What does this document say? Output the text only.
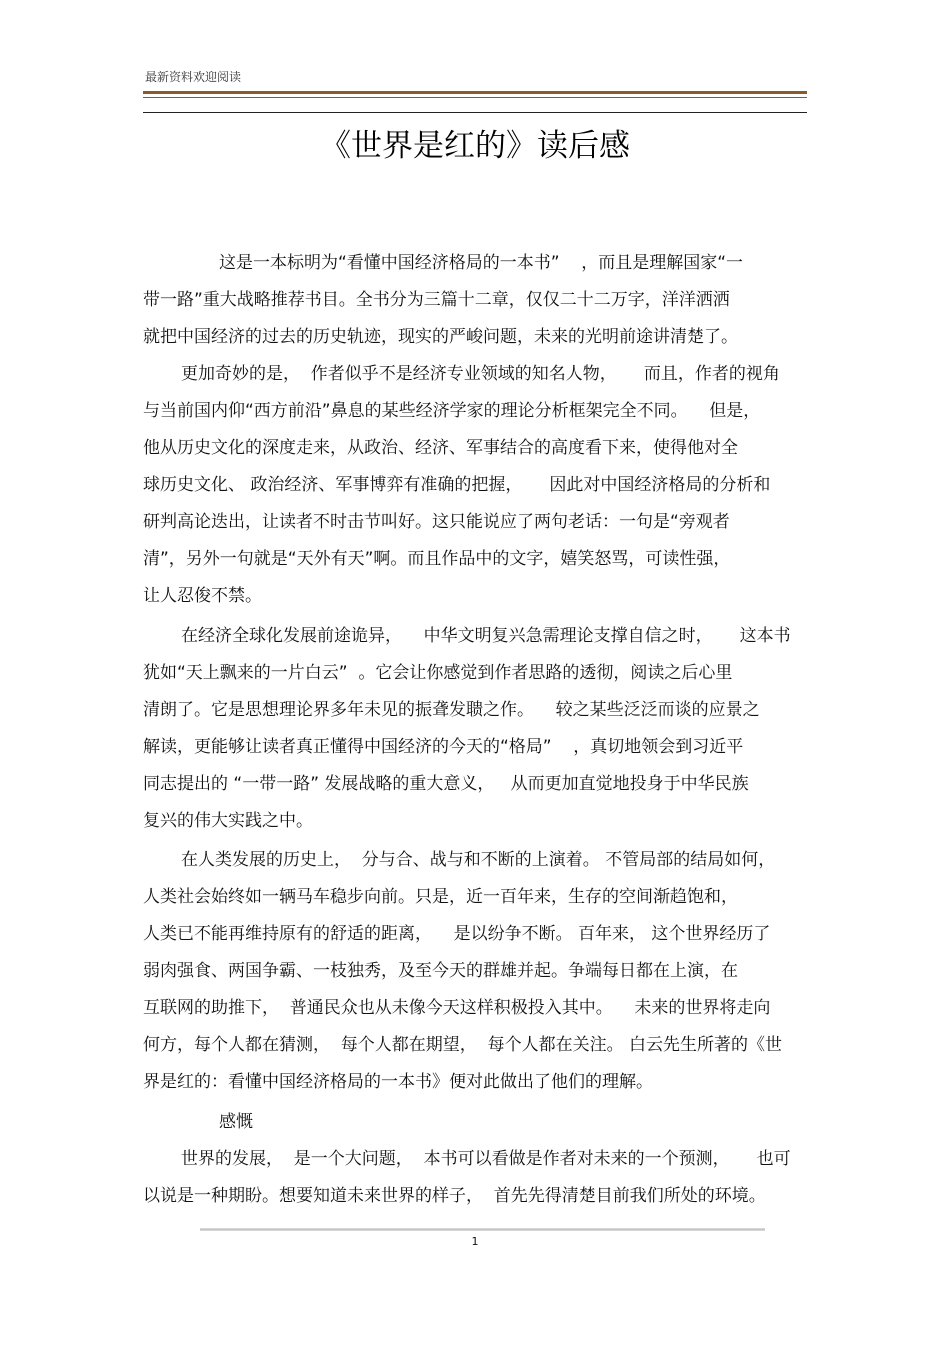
最新资料欢迎阅读
《世界是红的》读后感
这是一本标明为“看懂中国经济格局的一本书”    ，而且是理解国家“一
带一路”重大战略推荐书目。全书分为三篇十二章，仅仅二十二万字，洋洋洒洒
就把中国经济的过去的历史轨迹，现实的严峻问题，未来的光明前途讲清楚了。
更加奇妙的是，  作者似乎不是经济专业领域的知名人物，     而且，作者的视角
与当前国内仰“西方前沿”鼻息的某些经济学家的理论分析框架完全不同。    但是，
他从历史文化的深度走来，从政治、经济、军事结合的高度看下来，使得他对全
球历史文化、 政治经济、军事博弈有准确的把握，     因此对中国经济格局的分析和
研判高论迭出，让读者不时击节叫好。这只能说应了两句老话：一句是“旁观者
清”，另外一句就是“天外有天”啊。而且作品中的文字，嬉笑怒骂，可读性强，
让人忍俊不禁。
在经济全球化发展前途诡异，    中华文明复兴急需理论支撑自信之时，     这本书
犹如“天上飘来的一片白云”  。它会让你感觉到作者思路的透彻，阅读之后心里
清朗了。它是思想理论界多年未见的振聋发聩之作。    较之某些泛泛而谈的应景之
解读，更能够让读者真正懂得中国经济的今天的“格局”    ，真切地领会到习近平
同志提出的 “一带一路” 发展战略的重大意义，   从而更加直觉地投身于中华民族
复兴的伟大实践之中。
在人类发展的历史上，  分与合、战与和不断的上演着。 不管局部的结局如何，
人类社会始终如一辆马车稳步向前。只是，近一百年来，生存的空间渐趋饱和，
人类已不能再维持原有的舒适的距离，    是以纷争不断。 百年来， 这个世界经历了
弱肉强食、两国争霸、一枝独秀，及至今天的群雄并起。争端每日都在上演，在
互联网的助推下，  普通民众也从未像今天这样积极投入其中。    未来的世界将走向
何方，每个人都在猜测，  每个人都在期望，  每个人都在关注。 白云先生所著的《世
界是红的：看懂中国经济格局的一本书》便对此做出了他们的理解。
感慨
世界的发展，  是一个大问题，  本书可以看做是作者对未来的一个预测，     也可
以说是一种期盼。想要知道未来世界的样子，  首先先得清楚目前我们所处的环境。
1
